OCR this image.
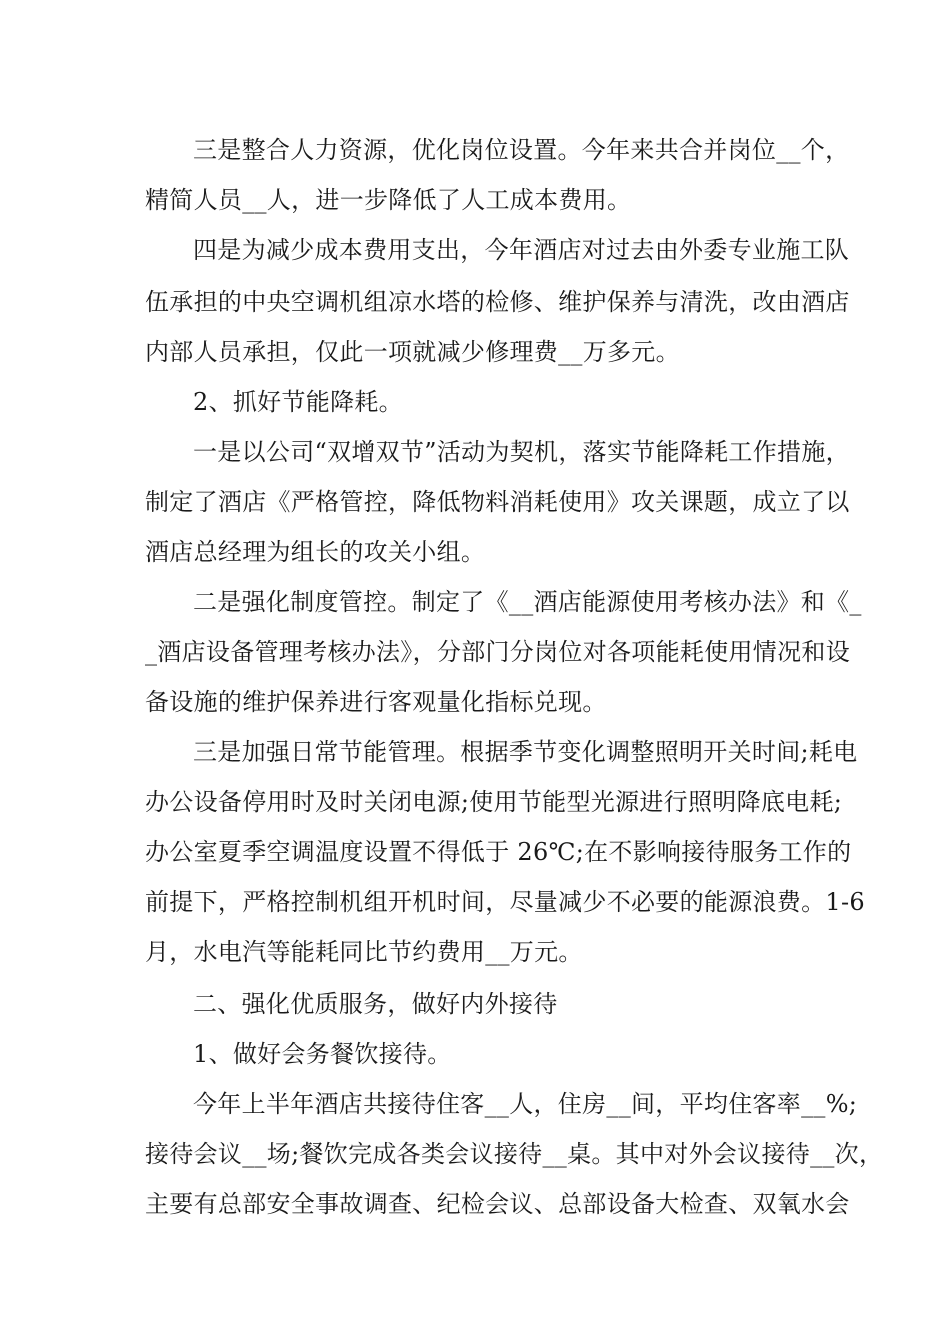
三是整合人力资源，优化岗位设置。今年来共合并岗位__个，
精简人员__人，进一步降低了人工成本费用。
四是为减少成本费用支出，今年酒店对过去由外委专业施工队
伍承担的中央空调机组凉水塔的检修、维护保养与清洗，改由酒店
内部人员承担，仅此一项就减少修理费__万多元。
2、抓好节能降耗。
一是以公司“双增双节”活动为契机，落实节能降耗工作措施，
制定了酒店《严格管控，降低物料消耗使用》攻关课题，成立了以
酒店总经理为组长的攻关小组。
二是强化制度管控。制定了《__酒店能源使用考核办法》和《_
_酒店设备管理考核办法》，分部门分岗位对各项能耗使用情况和设
备设施的维护保养进行客观量化指标兑现。
三是加强日常节能管理。根据季节变化调整照明开关时间;耗电
办公设备停用时及时关闭电源;使用节能型光源进行照明降底电耗;
办公室夏季空调温度设置不得低于 26℃;在不影响接待服务工作的
前提下，严格控制机组开机时间，尽量减少不必要的能源浪费。1-6
月，水电汽等能耗同比节约费用__万元。
二、强化优质服务，做好内外接待
1、做好会务餐饮接待。
今年上半年酒店共接待住客__人，住房__间，平均住客率__%;
接待会议__场;餐饮完成各类会议接待__桌。其中对外会议接待__次，
主要有总部安全事故调查、纪检会议、总部设备大检查、双氧水会
